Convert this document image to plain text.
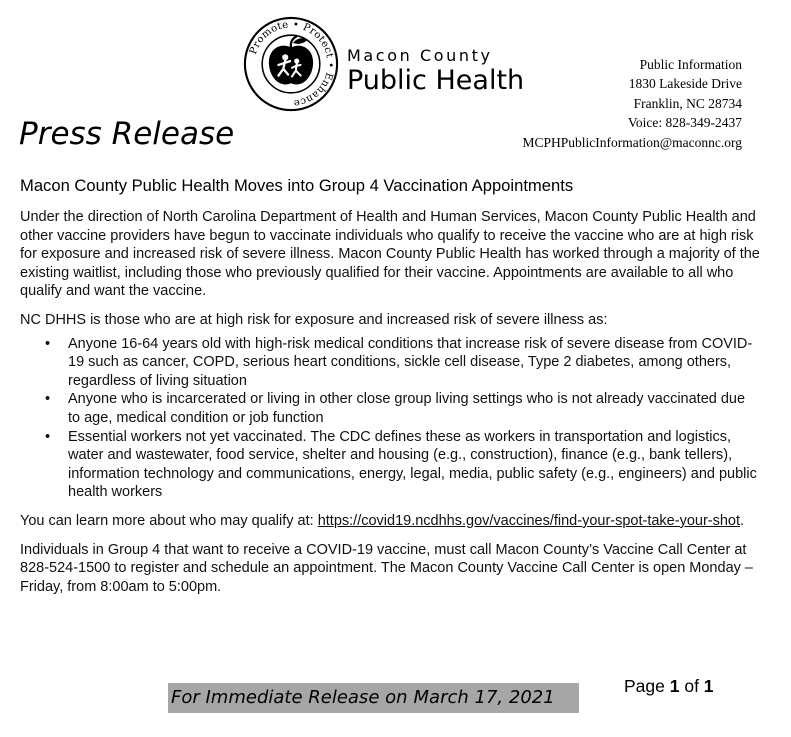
Promote • Protect • Enhance
Macon County
Public Health
Public Information
1830 Lakeside Drive
Franklin, NC 28734
Voice: 828-349-2437
MCPHPublicInformation@maconnc.org
Press Release
Macon County Public Health Moves into Group 4 Vaccination Appointments

Under the direction of North Carolina Department of Health and Human Services, Macon County Public Health and other vaccine providers have begun to vaccinate individuals who qualify to receive the vaccine who are at high risk for exposure and increased risk of severe illness. Macon County Public Health has worked through a majority of the existing waitlist, including those who previously qualified for their vaccine. Appointments are available to all who qualify and want the vaccine.

NC DHHS is those who are at high risk for exposure and increased risk of severe illness as:

• Anyone 16-64 years old with high-risk medical conditions that increase risk of severe disease from COVID-19 such as cancer, COPD, serious heart conditions, sickle cell disease, Type 2 diabetes, among others, regardless of living situation
• Anyone who is incarcerated or living in other close group living settings who is not already vaccinated due to age, medical condition or job function
• Essential workers not yet vaccinated. The CDC defines these as workers in transportation and logistics, water and wastewater, food service, shelter and housing (e.g., construction), finance (e.g., bank tellers), information technology and communications, energy, legal, media, public safety (e.g., engineers) and public health workers

You can learn more about who may qualify at: https://covid19.ncdhhs.gov/vaccines/find-your-spot-take-your-shot.

Individuals in Group 4 that want to receive a COVID-19 vaccine, must call Macon County’s Vaccine Call Center at 828-524-1500 to register and schedule an appointment. The Macon County Vaccine Call Center is open Monday – Friday, from 8:00am to 5:00pm.

For Immediate Release on March 17, 2021
Page 1 of 1
